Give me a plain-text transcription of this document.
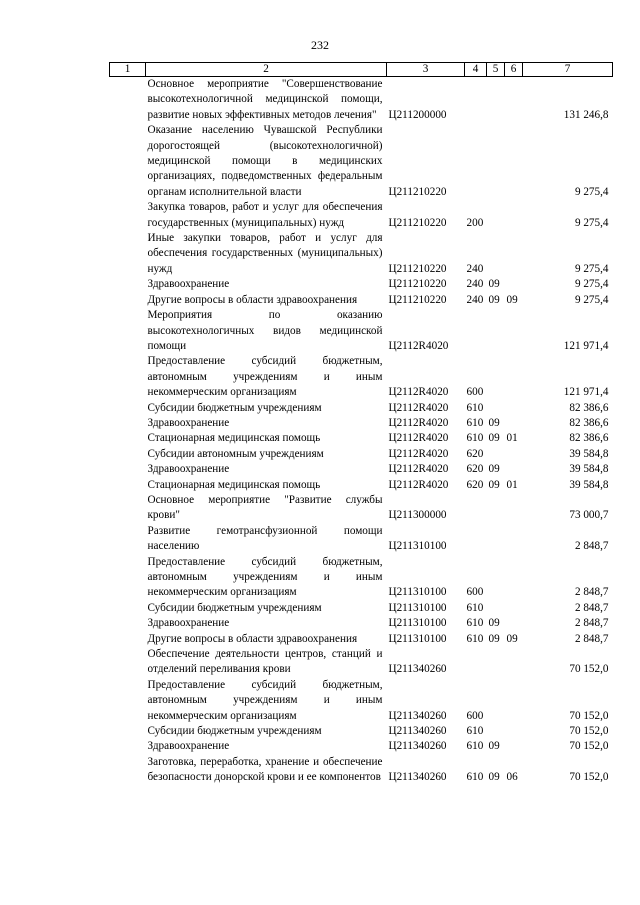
232
1	2	3	4	5	6	7
	Основное мероприятие "Совершенствование высокотехнологичной медицинской помощи, развитие новых эффективных методов лечения"	Ц211200000				131 246,8
	Оказание населению Чувашской Республики дорогостоящей (высокотехнологичной) медицинской помощи в медицинских организациях, подведомственных федеральным органам исполнительной власти	Ц211210220				9 275,4
	Закупка товаров, работ и услуг для обеспечения государственных (муниципальных) нужд	Ц211210220	200			9 275,4
	Иные закупки товаров, работ и услуг для обеспечения государственных (муниципальных) нужд	Ц211210220	240			9 275,4
	Здравоохранение	Ц211210220	240	09		9 275,4
	Другие вопросы в области здравоохранения	Ц211210220	240	09	09	9 275,4
	Мероприятия по оказанию высокотехнологичных видов медицинской помощи	Ц2112R4020				121 971,4
	Предоставление субсидий бюджетным, автономным учреждениям и иным некоммерческим организациям	Ц2112R4020	600			121 971,4
	Субсидии бюджетным учреждениям	Ц2112R4020	610			82 386,6
	Здравоохранение	Ц2112R4020	610	09		82 386,6
	Стационарная медицинская помощь	Ц2112R4020	610	09	01	82 386,6
	Субсидии автономным учреждениям	Ц2112R4020	620			39 584,8
	Здравоохранение	Ц2112R4020	620	09		39 584,8
	Стационарная медицинская помощь	Ц2112R4020	620	09	01	39 584,8
	Основное мероприятие "Развитие службы крови"	Ц211300000				73 000,7
	Развитие гемотрансфузионной помощи населению	Ц211310100				2 848,7
	Предоставление субсидий бюджетным, автономным учреждениям и иным некоммерческим организациям	Ц211310100	600			2 848,7
	Субсидии бюджетным учреждениям	Ц211310100	610			2 848,7
	Здравоохранение	Ц211310100	610	09		2 848,7
	Другие вопросы в области здравоохранения	Ц211310100	610	09	09	2 848,7
	Обеспечение деятельности центров, станций и отделений переливания крови	Ц211340260				70 152,0
	Предоставление субсидий бюджетным, автономным учреждениям и иным некоммерческим организациям	Ц211340260	600			70 152,0
	Субсидии бюджетным учреждениям	Ц211340260	610			70 152,0
	Здравоохранение	Ц211340260	610	09		70 152,0
	Заготовка, переработка, хранение и обеспечение безопасности донорской крови и ее компонентов	Ц211340260	610	09	06	70 152,0
